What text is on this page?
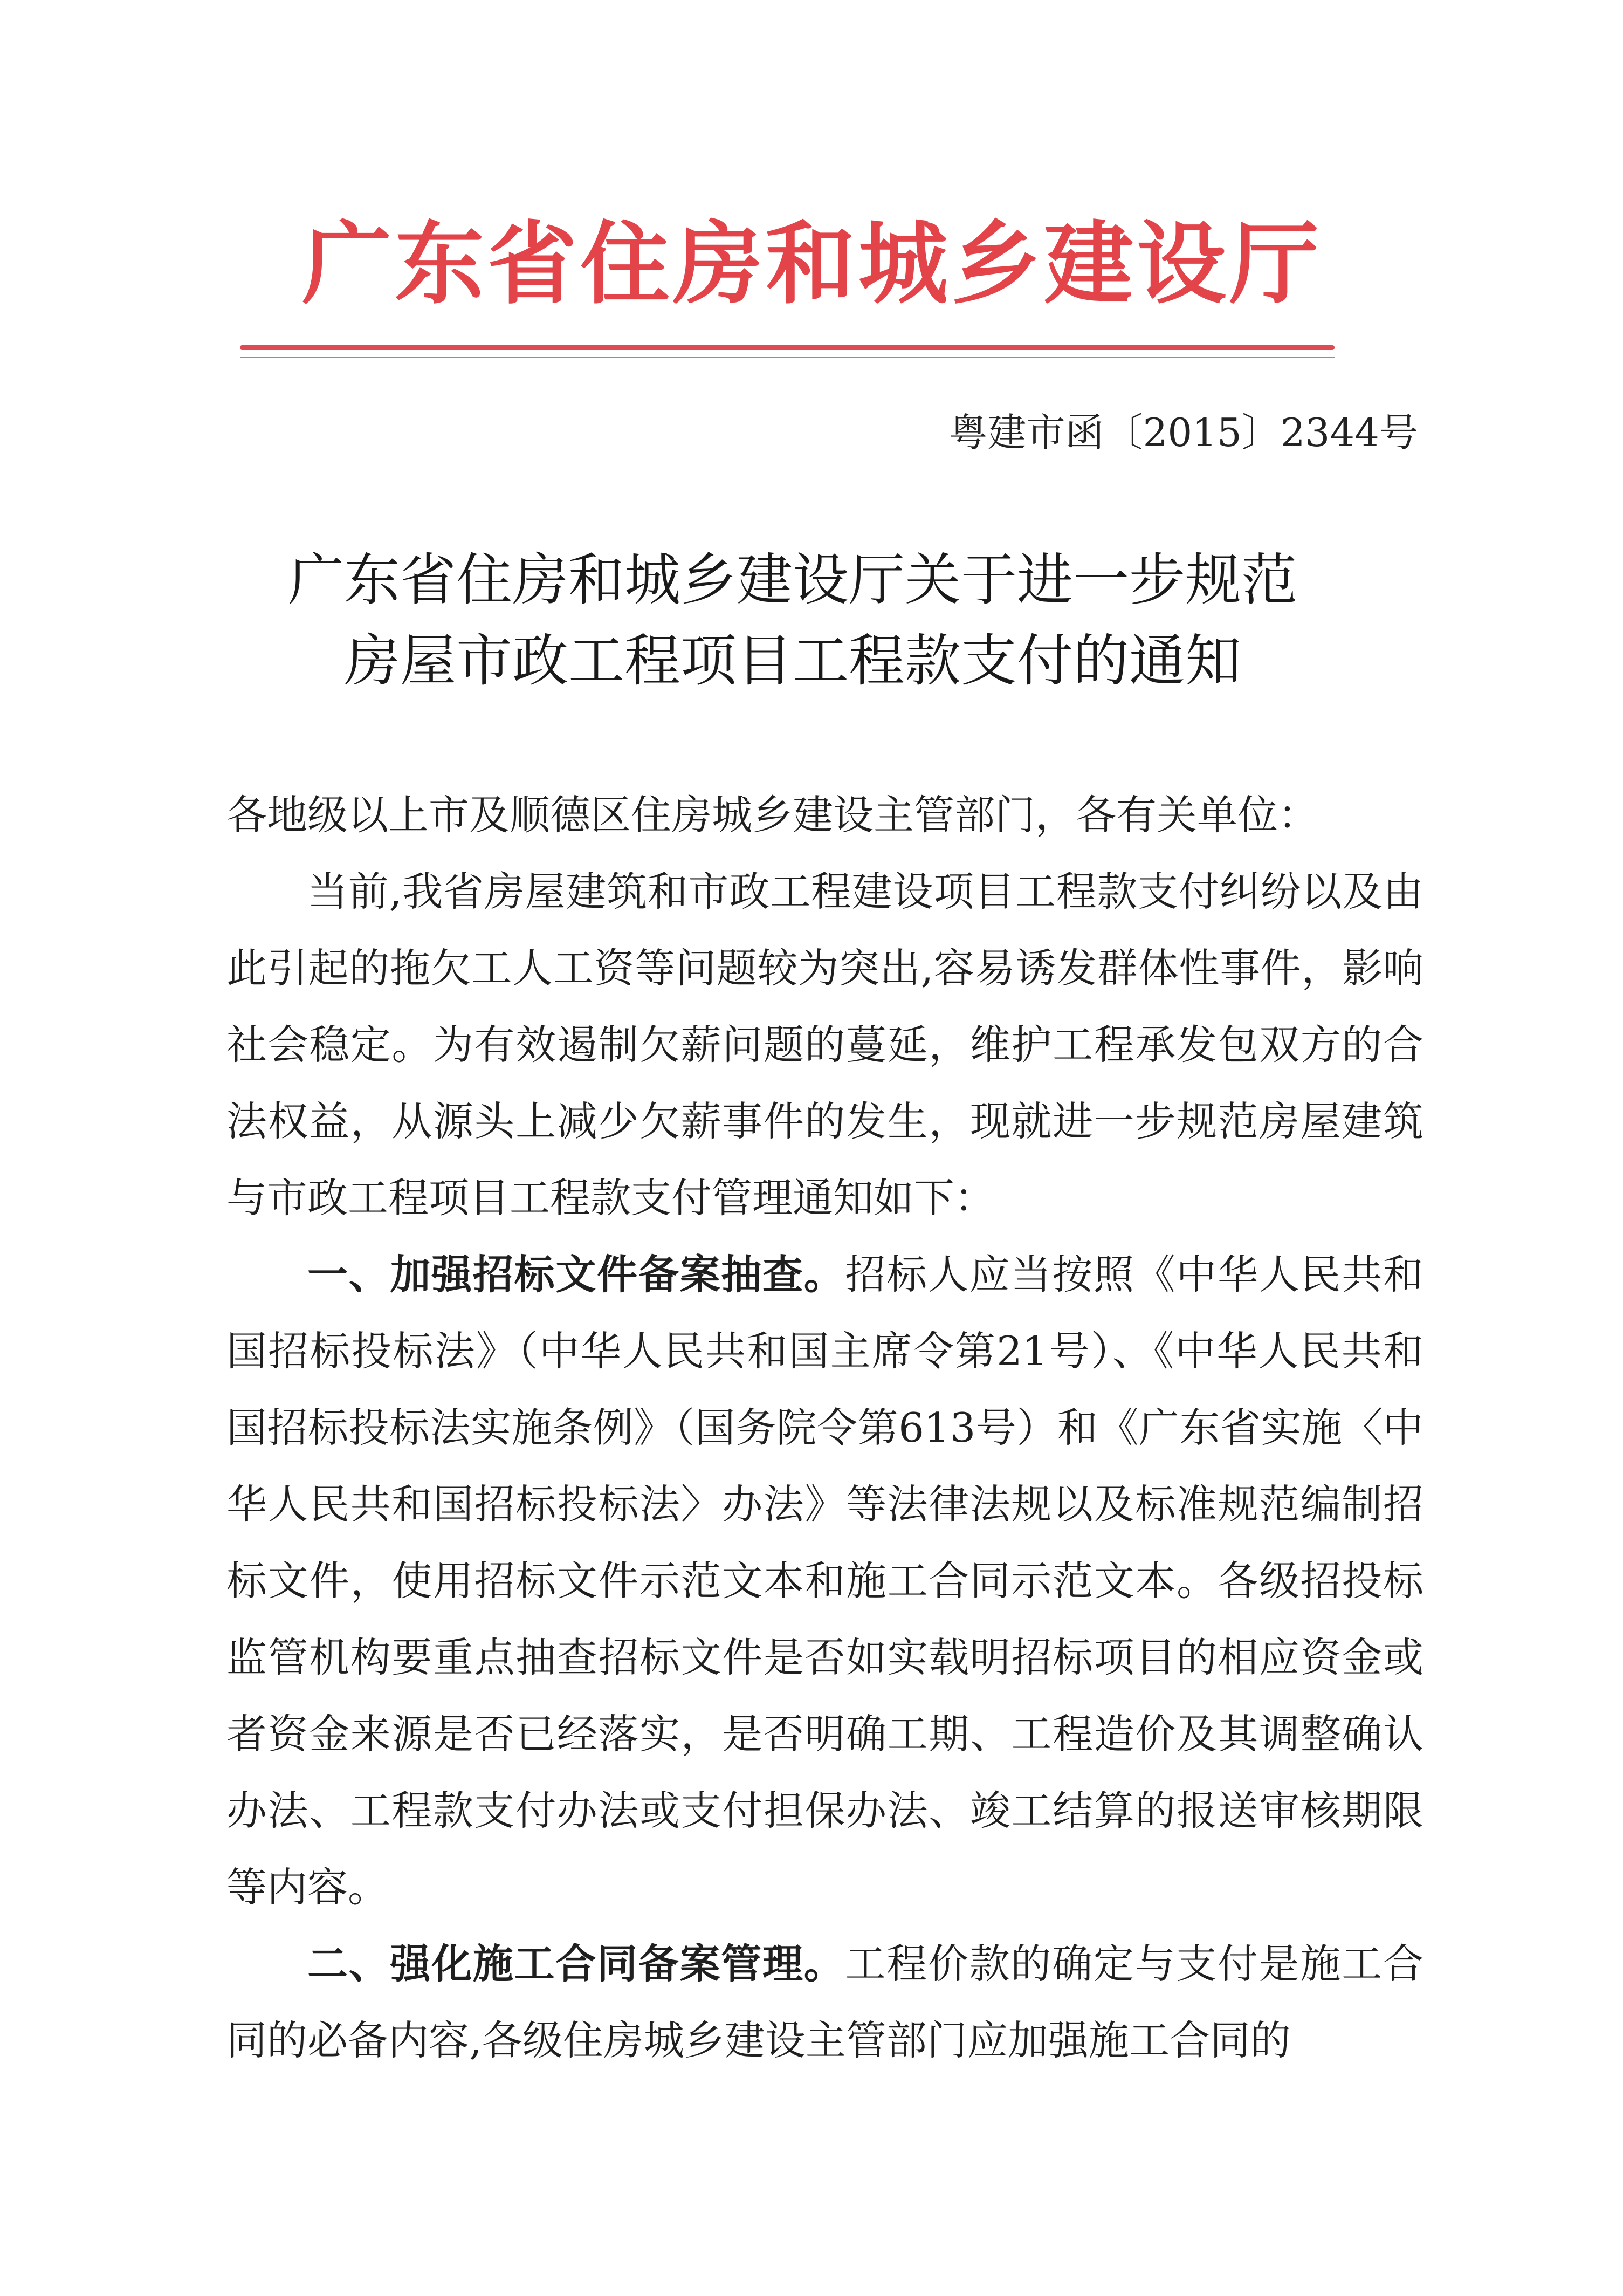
广东省住房和城乡建设厅
粤建市函〔2015〕2344号
广东省住房和城乡建设厅关于进一步规范
房屋市政工程项目工程款支付的通知

各地级以上市及顺德区住房城乡建设主管部门，各有关单位：

当前,我省房屋建筑和市政工程建设项目工程款支付纠纷以及由此引起的拖欠工人工资等问题较为突出,容易诱发群体性事件，影响社会稳定。为有效遏制欠薪问题的蔓延，维护工程承发包双方的合法权益，从源头上减少欠薪事件的发生，现就进一步规范房屋建筑与市政工程项目工程款支付管理通知如下：

一、加强招标文件备案抽查。招标人应当按照《中华人民共和国招标投标法》（中华人民共和国主席令第21号）、《中华人民共和国招标投标法实施条例》（国务院令第613号）和《广东省实施〈中华人民共和国招标投标法〉办法》等法律法规以及标准规范编制招标文件，使用招标文件示范文本和施工合同示范文本。各级招投标监管机构要重点抽查招标文件是否如实载明招标项目的相应资金或者资金来源是否已经落实，是否明确工期、工程造价及其调整确认办法、工程款支付办法或支付担保办法、竣工结算的报送审核期限等内容。

二、强化施工合同备案管理。工程价款的确定与支付是施工合同的必备内容,各级住房城乡建设主管部门应加强施工合同的
